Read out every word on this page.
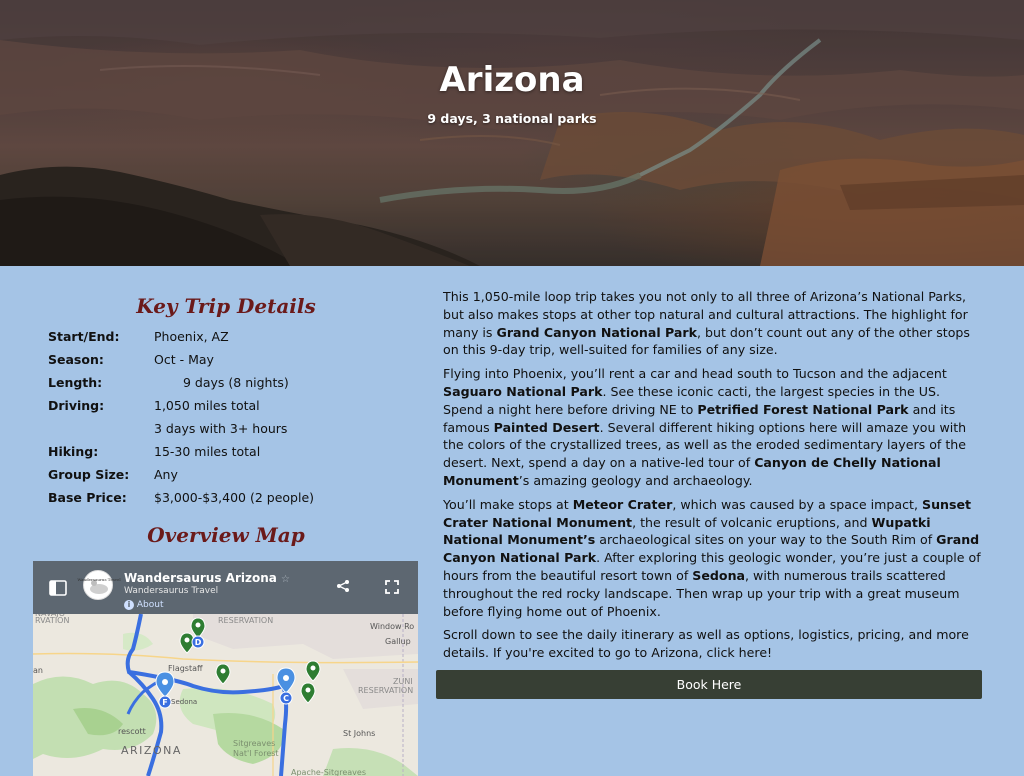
Arizona
9 days, 3 national parks
Key Trip Details
Start/End:	Phoenix, AZ
Season:	Oct - May
Length:	9 days (8 nights)
Driving:	1,050 miles total
3 days with 3+ hours
Hiking:	15-30 miles total
Group Size:	Any
Base Price:	$3,000-$3,400 (2 people)
Overview Map
RVATION	RESERVATION
Window Ro
Gallup
Flagstaff
Sedona
an
ZUNI
RESERVATION
St Johns
ARIZONA
Sitgreaves
Nat'l Forest
rescott
Apache-Sitgreaves
D
C
F
Wandersaurus Travel Wandersaurus Arizona ☆
Wandersaurus Travel
i About

This 1,050-mile loop trip takes you not only to all three of Arizona’s National Parks, but also makes stops at other top natural and cultural attractions. The highlight for many is Grand Canyon National Park, but don’t count out any of the other stops on this 9-day trip, well-suited for families of any size.

Flying into Phoenix, you’ll rent a car and head south to Tucson and the adjacent Saguaro National Park. See these iconic cacti, the largest species in the US. Spend a night here before driving NE to Petrified Forest National Park and its famous Painted Desert. Several different hiking options here will amaze you with the colors of the crystallized trees, as well as the eroded sedimentary layers of the desert. Next, spend a day on a native-led tour of Canyon de Chelly National Monument’s amazing geology and archaeology.

You’ll make stops at Meteor Crater, which was caused by a space impact, Sunset Crater National Monument, the result of volcanic eruptions, and Wupatki National Monument’s archaeological sites on your way to the South Rim of Grand Canyon National Park. After exploring this geologic wonder, you’re just a couple of hours from the beautiful resort town of Sedona, with numerous trails scattered throughout the red rocky landscape. Then wrap up your trip with a great museum before flying home out of Phoenix.

Scroll down to see the daily itinerary as well as options, logistics, pricing, and more details. If you're excited to go to Arizona, click here!

Book Here
